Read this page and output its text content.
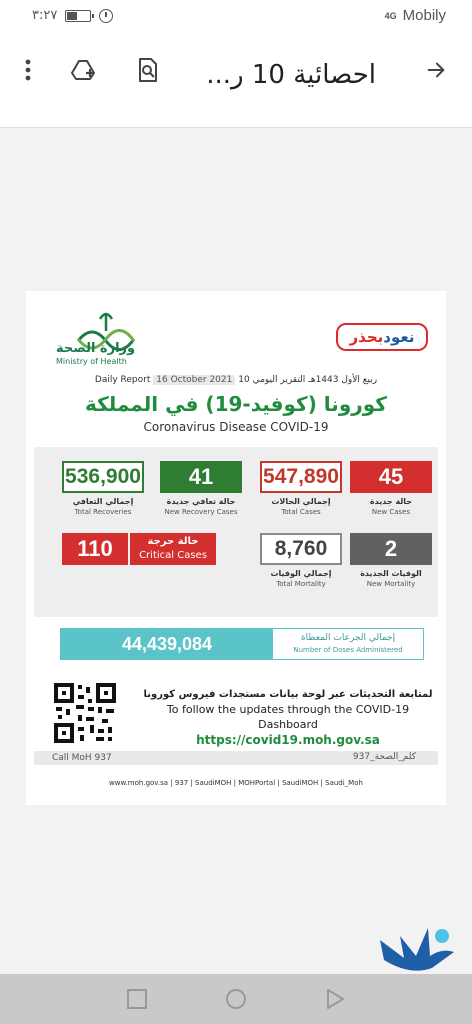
4G Mobily
٣:٢٧
احصائية 10 ر...
وزارة الصحة
Ministry of Health
نعود
بحذر
Daily Report 16 October 2021 10 ربيع الأول 1443هـ التقرير اليومي
كورونا (كوفيد-19) في المملكة
Coronavirus Disease COVID-19
45
حالة جديدة
New Cases
547,890
إجمالي الحالات
Total Cases
41
حالة تعافي جديدة
New Recovery Cases
536,900
إجمالي التعافي
Total Recoveries
2
الوفيات الجديدة
New Mortality
8,760
إجمالي الوفيات
Total Mortality
حالة حرجة
Critical Cases
110
44,439,084	إجمالي الجرعات المعطاة
Number of Doses Administered
لمتابعة التحديثات عبر لوحة بيانات مستجدات فيروس كورونا
To follow the updates through the COVID-19 Dashboard
https://covid19.moh.gov.sa
Call MoH 937	كلم_الصحة_937
www.moh.gov.sa | 937 | SaudiMOH | MOHPortal | SaudiMOH | Saudi_Moh
